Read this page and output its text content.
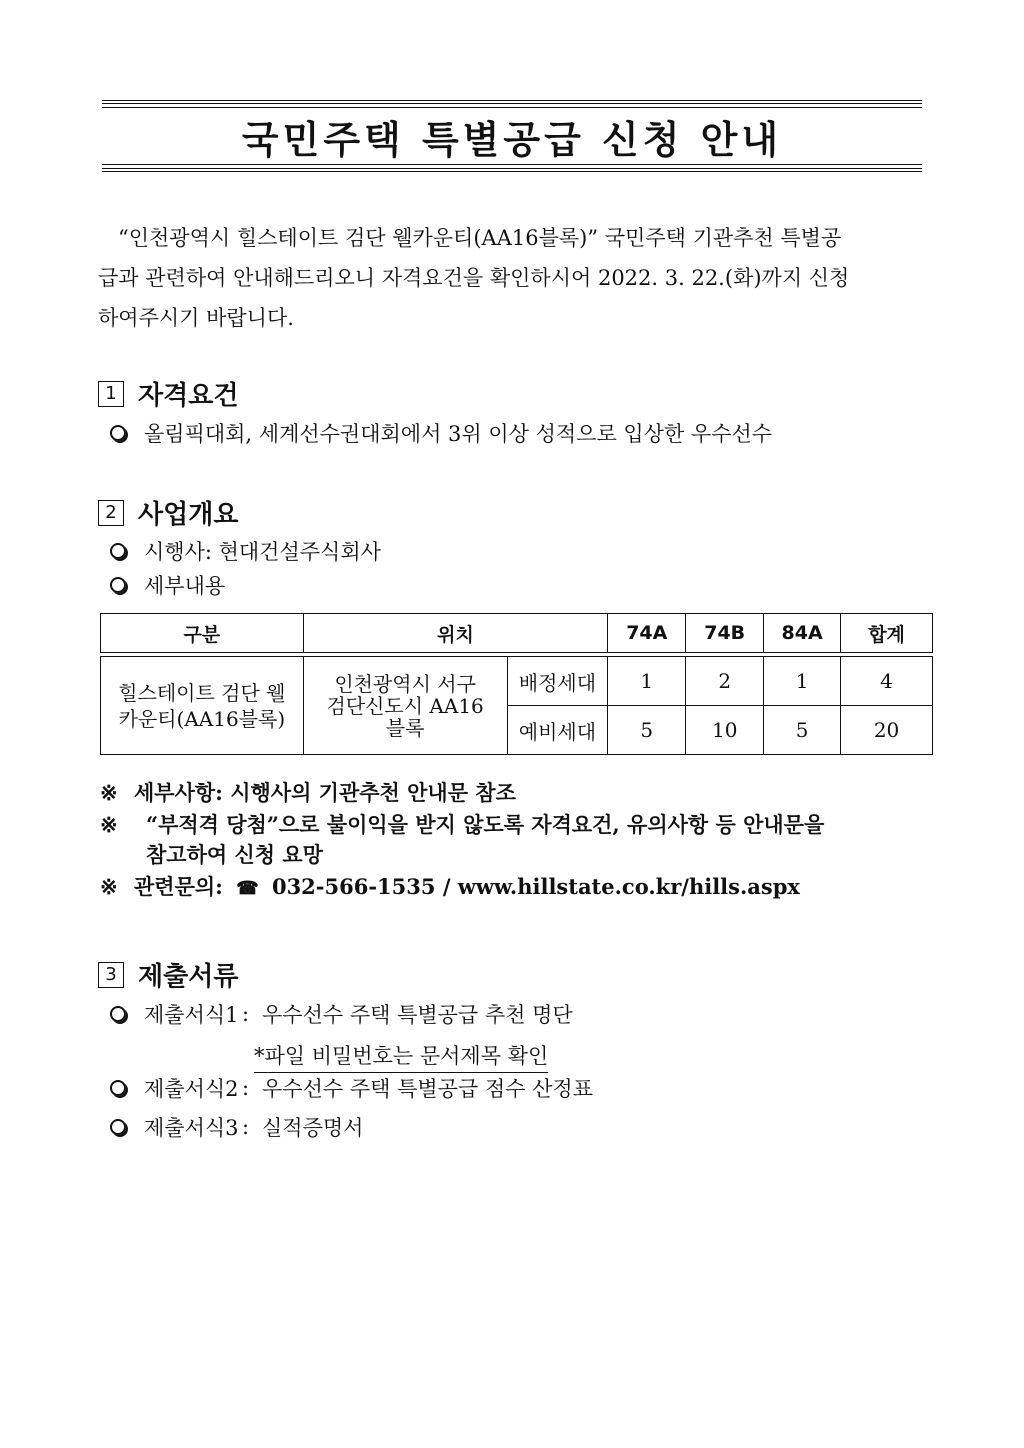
국민주택 특별공급 신청 안내

“인천광역시 힐스테이트 검단 웰카운티(AA16블록)” 국민주택 기관추천 특별공

급과 관련하여 안내해드리오니 자격요건을 확인하시어 2022. 3. 22.(화)까지 신청

하여주시기 바랍니다.

1 자격요건
올림픽대회, 세계선수권대회에서 3위 이상 성적으로 입상한 우수선수
2 사업개요
시행사: 현대건설주식회사
세부내용
구분	위치		74A	74B	84A	합계

힐스테이트 검단 웰카운티(AA16블록)	인천광역시 서구 검단신도시 AA16블록	배정세대	1	2	1	4
		예비세대	5	10	5	20
※ 세부사항: 시행사의 기관추천 안내문 참조
※	“부적격 당첨”으로 불이익을 받지 않도록 자격요건, 유의사항 등 안내문을
참고하여 신청 요망
※ 관련문의: ☎ 032-566-1535 / www.hillstate.co.kr/hills.aspx
3 제출서류
제출서식1 : 우수선수 주택 특별공급 추천 명단
*파일 비밀번호는 문서제목 확인
제출서식2 : 우수선수 주택 특별공급 점수 산정표
제출서식3 : 실적증명서
